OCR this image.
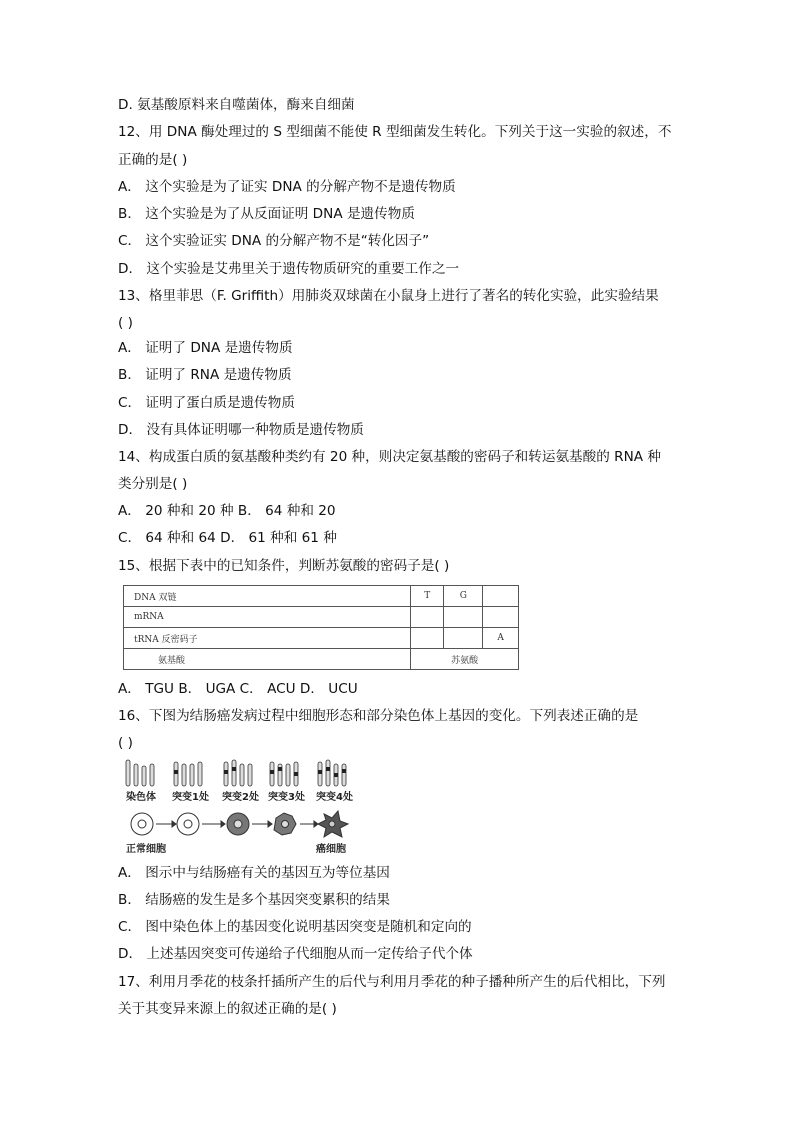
D. 氨基酸原料来自噬菌体，酶来自细菌
12、用 DNA 酶处理过的 S 型细菌不能使 R 型细菌发生转化。下列关于这一实验的叙述，不
正确的是( )
A． 这个实验是为了证实 DNA 的分解产物不是遗传物质
B． 这个实验是为了从反面证明 DNA 是遗传物质
C． 这个实验证实 DNA 的分解产物不是“转化因子”
D． 这个实验是艾弗里关于遗传物质研究的重要工作之一
13、格里菲思（F. Griffith）用肺炎双球菌在小鼠身上进行了著名的转化实验，此实验结果
( )
A． 证明了 DNA 是遗传物质
B． 证明了 RNA 是遗传物质
C． 证明了蛋白质是遗传物质
D． 没有具体证明哪一种物质是遗传物质
14、构成蛋白质的氨基酸种类约有 20 种，则决定氨基酸的密码子和转运氨基酸的 RNA 种
类分别是( )
A． 20 种和 20 种 B． 64 种和 20
C． 64 种和 64 D． 61 种和 61 种
15、根据下表中的已知条件，判断苏氨酸的密码子是( )
DNA 双链	T	G	
mRNA			
tRNA 反密码子			A
氨基酸	苏氨酸		
A． TGU B． UGA C． ACU D． UCU
16、下图为结肠癌发病过程中细胞形态和部分染色体上基因的变化。下列表述正确的是
( )
染色体 突变1处 突变2处 突变3处 突变4处
正常细胞	癌细胞
A． 图示中与结肠癌有关的基因互为等位基因
B． 结肠癌的发生是多个基因突变累积的结果
C． 图中染色体上的基因变化说明基因突变是随机和定向的
D． 上述基因突变可传递给子代细胞从而一定传给子代个体
17、利用月季花的枝条扦插所产生的后代与利用月季花的种子播种所产生的后代相比，下列
关于其变异来源上的叙述正确的是( )
